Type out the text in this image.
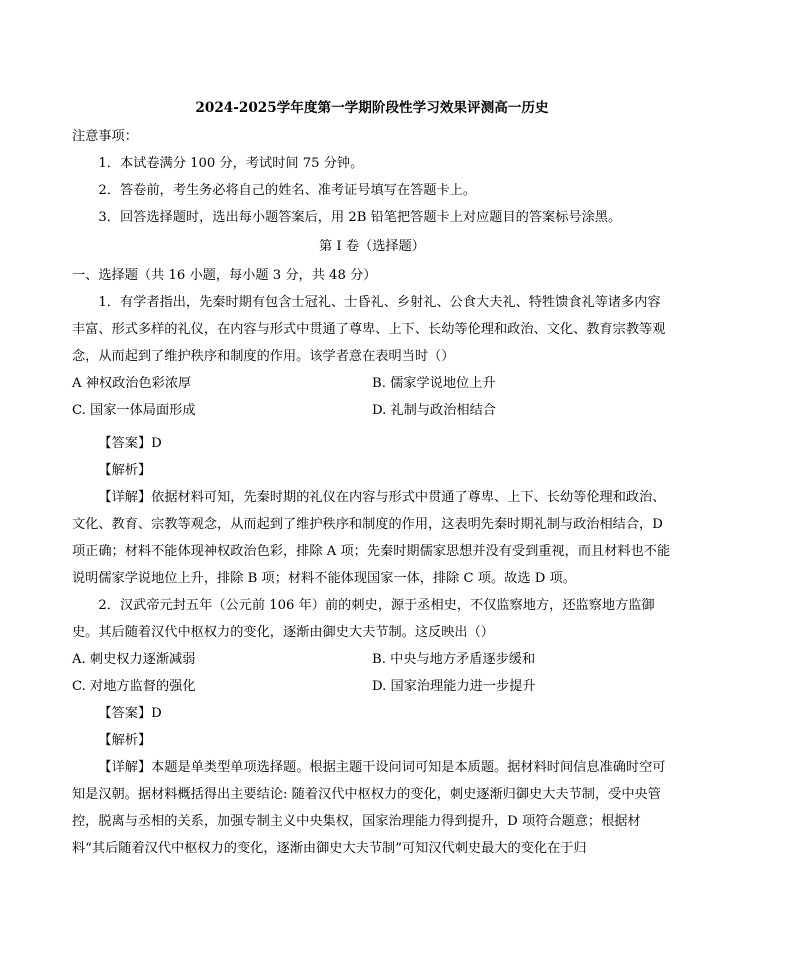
2024-2025学年度第一学期阶段性学习效果评测高一历史
注意事项：
1．本试卷满分 100 分，考试时间 75 分钟。
2．答卷前，考生务必将自己的姓名、准考证号填写在答题卡上。
3．回答选择题时，选出每小题答案后，用 2B 铅笔把答题卡上对应题目的答案标号涂黑。
第 I 卷（选择题）
一、选择题（共 16 小题，每小题 3 分，共 48 分）
1．有学者指出，先秦时期有包含士冠礼、士昏礼、乡射礼、公食大夫礼、特牲馈食礼等诸多内容丰富、形式多样的礼仪，在内容与形式中贯通了尊卑、上下、长幼等伦理和政治、文化、教育宗教等观念，从而起到了维护秩序和制度的作用。该学者意在表明当时（）
A 神权政治色彩浓厚	B. 儒家学说地位上升
C. 国家一体局面形成	D. 礼制与政治相结合
【答案】D
【解析】
【详解】依据材料可知，先秦时期的礼仪在内容与形式中贯通了尊卑、上下、长幼等伦理和政治、文化、教育、宗教等观念，从而起到了维护秩序和制度的作用，这表明先秦时期礼制与政治相结合，D 项正确；材料不能体现神权政治色彩，排除 A 项；先秦时期儒家思想并没有受到重视，而且材料也不能说明儒家学说地位上升，排除 B 项；材料不能体现国家一体，排除 C 项。故选 D 项。
2．汉武帝元封五年（公元前 106 年）前的刺史，源于丞相史，不仅监察地方，还监察地方监御史。其后随着汉代中枢权力的变化，逐渐由御史大夫节制。这反映出（）
A. 刺史权力逐渐减弱	B. 中央与地方矛盾逐步缓和
C. 对地方监督的强化	D. 国家治理能力进一步提升
【答案】D
【解析】
【详解】本题是单类型单项选择题。根据主题干设问词可知是本质题。据材料时间信息准确时空可知是汉朝。据材料概括得出主要结论: 随着汉代中枢权力的变化，刺史逐渐归御史大夫节制，受中央管控，脱离与丞相的关系，加强专制主义中央集权，国家治理能力得到提升，D 项符合题意；根据材料“其后随着汉代中枢权力的变化，逐渐由御史大夫节制”可知汉代刺史最大的变化在于归
